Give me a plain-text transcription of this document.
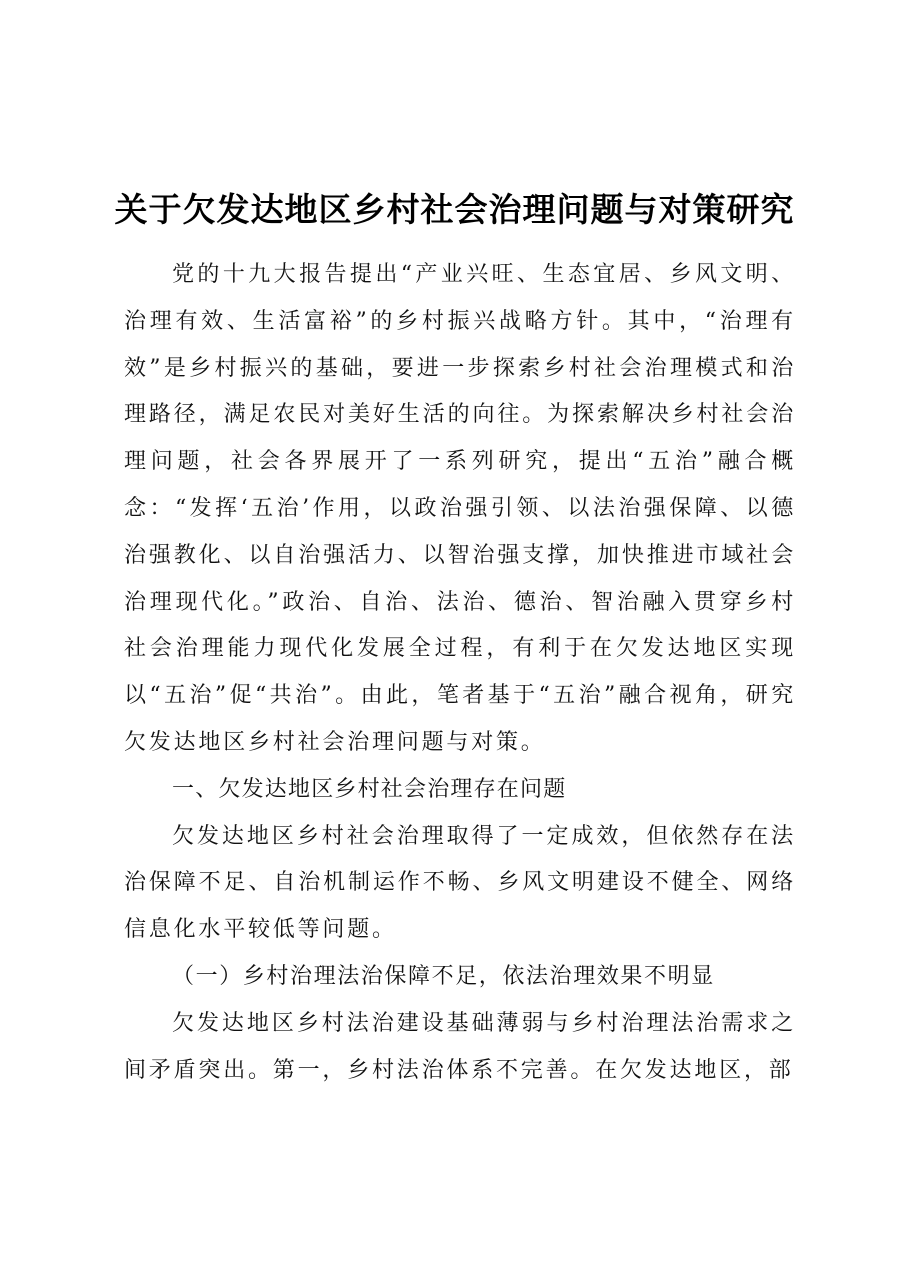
关于欠发达地区乡村社会治理问题与对策研究

党的十九大报告提出“产业兴旺、生态宜居、乡风文明、治理有效、生活富裕”的乡村振兴战略方针。其中，“治理有效”是乡村振兴的基础，要进一步探索乡村社会治理模式和治理路径，满足农民对美好生活的向往。为探索解决乡村社会治理问题，社会各界展开了一系列研究，提出“五治”融合概念：“发挥‘五治’作用，以政治强引领、以法治强保障、以德治强教化、以自治强活力、以智治强支撑，加快推进市域社会治理现代化。”政治、自治、法治、德治、智治融入贯穿乡村社会治理能力现代化发展全过程，有利于在欠发达地区实现以“五治”促“共治”。由此，笔者基于“五治”融合视角，研究欠发达地区乡村社会治理问题与对策。

一、欠发达地区乡村社会治理存在问题

欠发达地区乡村社会治理取得了一定成效，但依然存在法治保障不足、自治机制运作不畅、乡风文明建设不健全、网络信息化水平较低等问题。

（一）乡村治理法治保障不足，依法治理效果不明显

欠发达地区乡村法治建设基础薄弱与乡村治理法治需求之间矛盾突出。第一，乡村法治体系不完善。在欠发达地区，部
